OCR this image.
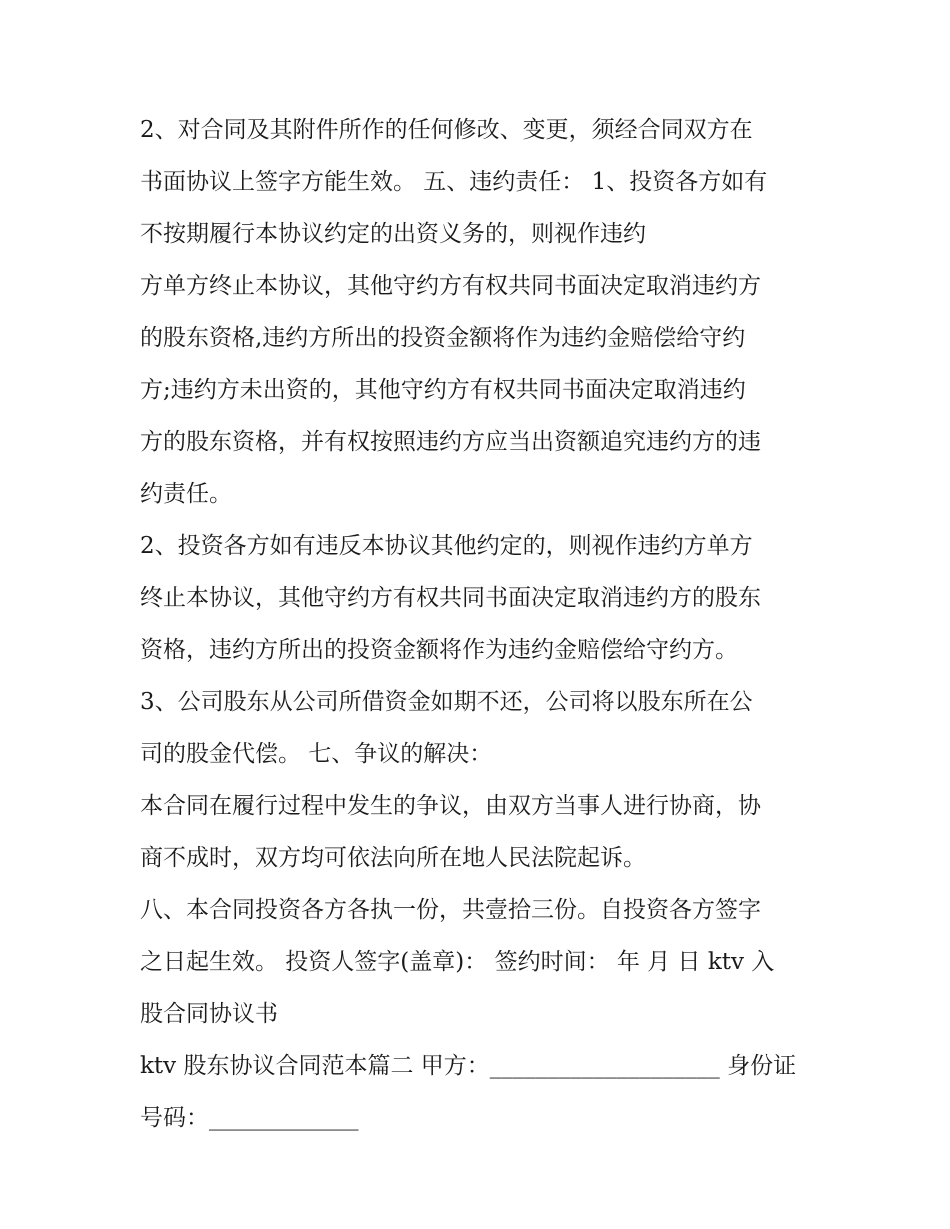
2、对合同及其附件所作的任何修改、变更，须经合同双方在
书面协议上签字方能生效。 五、违约责任： 1、投资各方如有
不按期履行本协议约定的出资义务的，则视作违约
方单方终止本协议，其他守约方有权共同书面决定取消违约方
的股东资格,违约方所出的投资金额将作为违约金赔偿给守约
方;违约方未出资的，其他守约方有权共同书面决定取消违约
方的股东资格，并有权按照违约方应当出资额追究违约方的违
约责任。
2、投资各方如有违反本协议其他约定的，则视作违约方单方
终止本协议，其他守约方有权共同书面决定取消违约方的股东
资格，违约方所出的投资金额将作为违约金赔偿给守约方。
3、公司股东从公司所借资金如期不还，公司将以股东所在公
司的股金代偿。 七、争议的解决：
本合同在履行过程中发生的争议，由双方当事人进行协商，协
商不成时，双方均可依法向所在地人民法院起诉。
八、本合同投资各方各执一份，共壹拾三份。自投资各方签字
之日起生效。 投资人签字(盖章)： 签约时间： 年 月 日 ktv 入
股合同协议书
ktv 股东协议合同范本篇二 甲方：____________________ 身份证
号码：_____________
